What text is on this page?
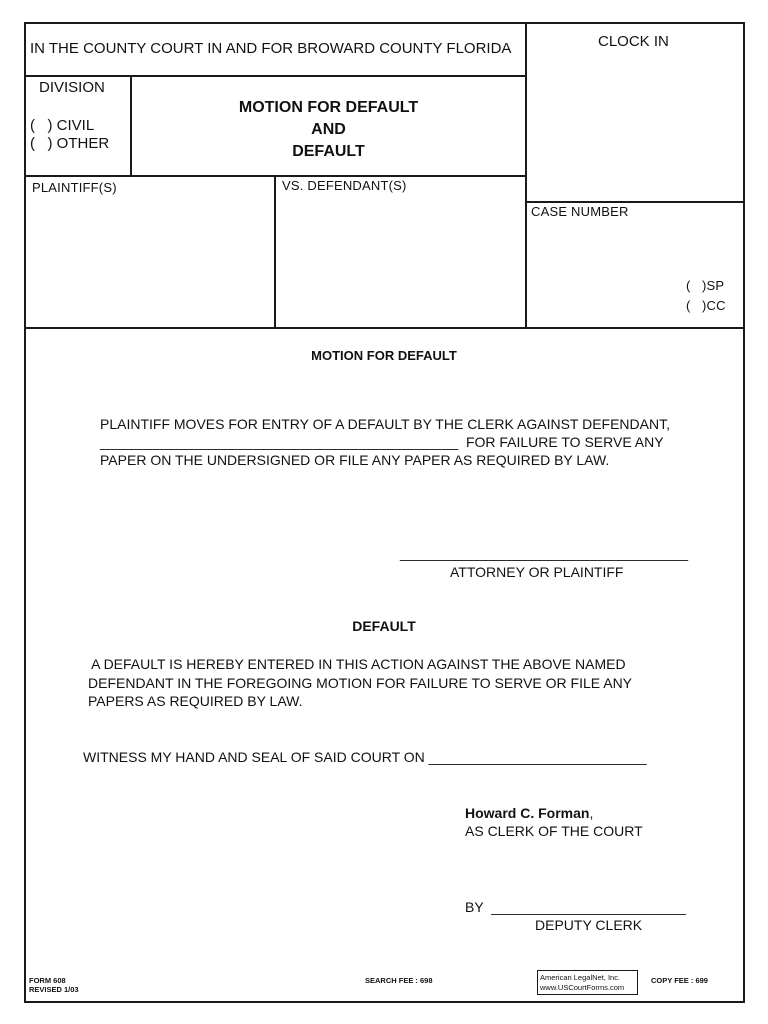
IN THE COUNTY COURT IN AND FOR BROWARD COUNTY FLORIDA	CLOCK IN
DIVISION
(   ) CIVIL
(   ) OTHER
MOTION FOR DEFAULT
AND
DEFAULT
PLAINTIFF(S)	VS. DEFENDANT(S)
CASE NUMBER
(   )SP
(   )CC
MOTION FOR DEFAULT
PLAINTIFF MOVES FOR ENTRY OF A DEFAULT BY THE CLERK AGAINST DEFENDANT,
______________________________________________  FOR FAILURE TO SERVE ANY
PAPER ON THE UNDERSIGNED OR FILE ANY PAPER AS REQUIRED BY LAW.
_____________________________________
ATTORNEY OR PLAINTIFF
DEFAULT
A DEFAULT IS HEREBY ENTERED IN THIS ACTION AGAINST THE ABOVE NAMED
DEFENDANT IN THE FOREGOING MOTION FOR FAILURE TO SERVE OR FILE ANY
PAPERS AS REQUIRED BY LAW.
WITNESS MY HAND AND SEAL OF SAID COURT ON ____________________________
Howard C. Forman,
AS CLERK OF THE COURT
BY  _________________________
DEPUTY CLERK
FORM 608
REVISED 1/03
SEARCH FEE : 698	American LegalNet, Inc.
www.USCourtForms.com
COPY FEE : 699
